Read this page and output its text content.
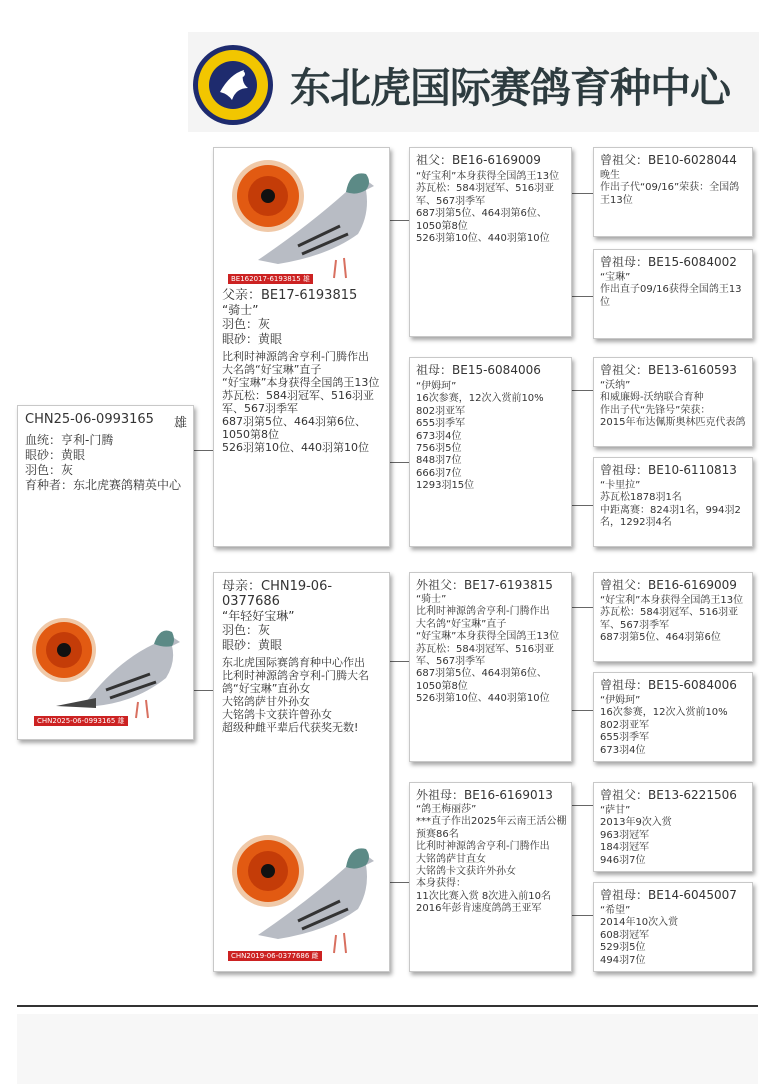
东北虎国际赛鸽育种中心
CHN25-06-0993165 雄
血统：亨利-门腾
眼砂：黄眼
羽色：灰
育种者：东北虎赛鸽精英中心
CHN2025-06-0993165 雄
BE162017-6193815 雄
父亲：BE17-6193815
“骑士”
羽色：灰
眼砂：黄眼
比利时神源鸽舍亨利-门腾作出
大名鸽“好宝琳”直子
“好宝琳”本身获得全国鸽王13位
苏瓦松：584羽冠军、516羽亚军、567羽季军
687羽第5位、464羽第6位、1050第8位
526羽第10位、440羽第10位
母亲：CHN19-06-0377686
“年轻好宝琳”
羽色：灰
眼砂：黄眼
东北虎国际赛鸽育种中心作出
比利时神源鸽舍亨利-门腾大名鸽“好宝琳”直孙女
大铭鸽萨甘外孙女
大铭鸽卡文获许曾孙女
超级种雌平辈后代获奖无数!
CHN2019-06-0377686 雌
祖父：BE16-6169009
“好宝利”本身获得全国鸽王13位
苏瓦松：584羽冠军、516羽亚军、567羽季军
687羽第5位、464羽第6位、1050第8位
526羽第10位、440羽第10位
祖母：BE15-6084006
“伊姆珂”
16次参赛，12次入赏前10%
802羽亚军
655羽季军
673羽4位
756羽5位
848羽7位
666羽7位
1293羽15位
外祖父：BE17-6193815
“骑士”
比利时神源鸽舍亨利-门腾作出
大名鸽“好宝琳”直子
“好宝琳”本身获得全国鸽王13位
苏瓦松：584羽冠军、516羽亚军、567羽季军
687羽第5位、464羽第6位、1050第8位
526羽第10位、440羽第10位
外祖母：BE16-6169013
“鸽王梅丽莎”
***直子作出2025年云南王活公棚预赛86名
比利时神源鸽舍亨利-门腾作出
大铭鸽萨甘直女
大铭鸽卡文获许外孙女
本身获得：
11次比赛入赏 8次进入前10名
2016年彭肯速度鸽鸽王亚军
曾祖父：BE10-6028044
晚生
作出子代“09/16”荣获：全国鸽王13位
曾祖母：BE15-6084002
“宝琳”
作出直子09/16获得全国鸽王13位
曾祖父：BE13-6160593
“沃纳”
和威廉姆-沃纳联合育种
作出子代“先锋号”荣获：
2015年布达佩斯奥林匹克代表鸽
曾祖母：BE10-6110813
“卡里拉”
苏瓦松1878羽1名
中距离赛：824羽1名，994羽2名，1292羽4名
曾祖父：BE16-6169009
“好宝利”本身获得全国鸽王13位
苏瓦松：584羽冠军、516羽亚军、567羽季军
687羽第5位、464羽第6位
曾祖母：BE15-6084006
“伊姆珂”
16次参赛，12次入赏前10%
802羽亚军
655羽季军
673羽4位
曾祖父：BE13-6221506
“萨甘”
2013年9次入赏
963羽冠军
184羽冠军
946羽7位
曾祖母：BE14-6045007
“希望”
2014年10次入赏
608羽冠军
529羽5位
494羽7位
